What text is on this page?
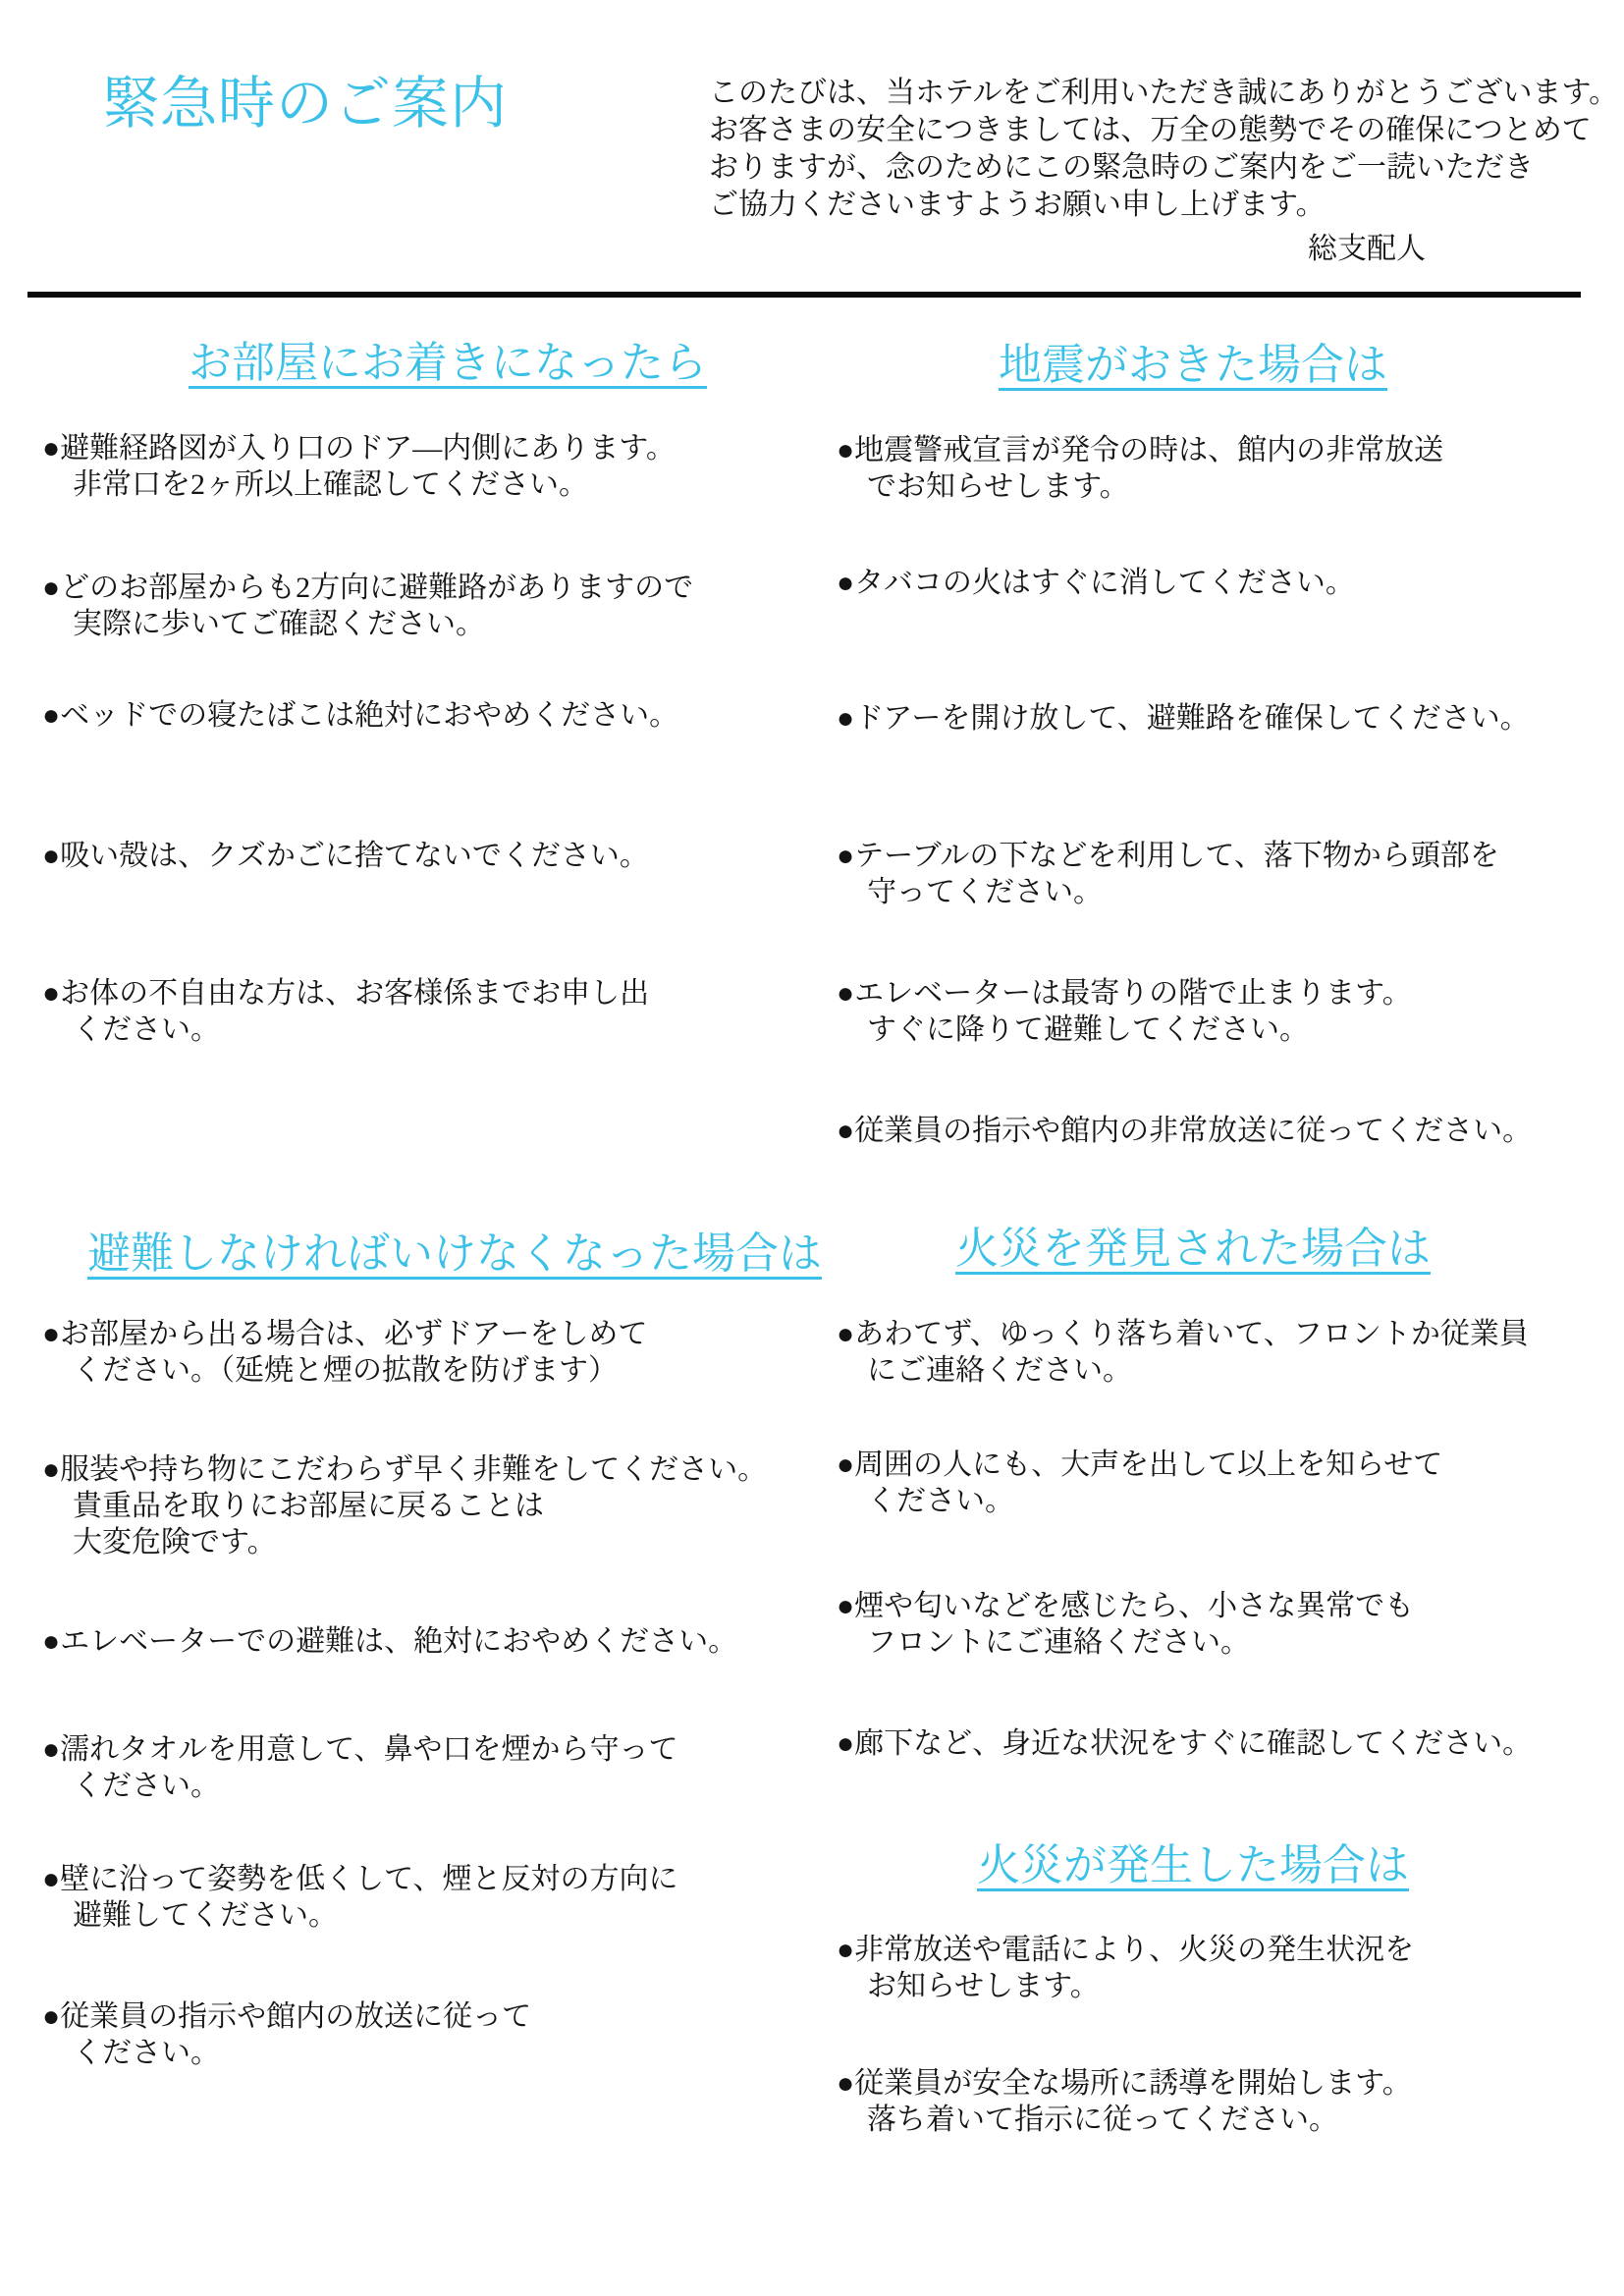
緊急時のご案内	このたびは、当ホテルをご利用いただき誠にありがとうございます。
お客さまの安全につきましては、万全の態勢でその確保につとめて
おりますが、念のためにこの緊急時のご案内をご一読いただき
ご協力くださいますようお願い申し上げます。
総支配人
お部屋にお着きになったら
●避難経路図が入り口のドア―内側にあります。
非常口を2ヶ所以上確認してください。
●どのお部屋からも2方向に避難路がありますので
実際に歩いてご確認ください。
●ベッドでの寝たばこは絶対におやめください。
●吸い殻は、クズかごに捨てないでください。
●お体の不自由な方は、お客様係までお申し出
ください。
避難しなければいけなくなった場合は
●お部屋から出る場合は、必ずドアーをしめて
ください。（延焼と煙の拡散を防げます）
●服装や持ち物にこだわらず早く非難をしてください。
貴重品を取りにお部屋に戻ることは
大変危険です。
●エレベーターでの避難は、絶対におやめください。
●濡れタオルを用意して、鼻や口を煙から守って
ください。
●壁に沿って姿勢を低くして、煙と反対の方向に
避難してください。
●従業員の指示や館内の放送に従って
ください。
地震がおきた場合は
●地震警戒宣言が発令の時は、館内の非常放送
でお知らせします。
●タバコの火はすぐに消してください。
●ドアーを開け放して、避難路を確保してください。
●テーブルの下などを利用して、落下物から頭部を
守ってください。
●エレベーターは最寄りの階で止まります。
すぐに降りて避難してください。
●従業員の指示や館内の非常放送に従ってください。
火災を発見された場合は
●あわてず、ゆっくり落ち着いて、フロントか従業員
にご連絡ください。
●周囲の人にも、大声を出して以上を知らせて
ください。
●煙や匂いなどを感じたら、小さな異常でも
フロントにご連絡ください。
●廊下など、身近な状況をすぐに確認してください。
火災が発生した場合は
●非常放送や電話により、火災の発生状況を
お知らせします。
●従業員が安全な場所に誘導を開始します。
落ち着いて指示に従ってください。
